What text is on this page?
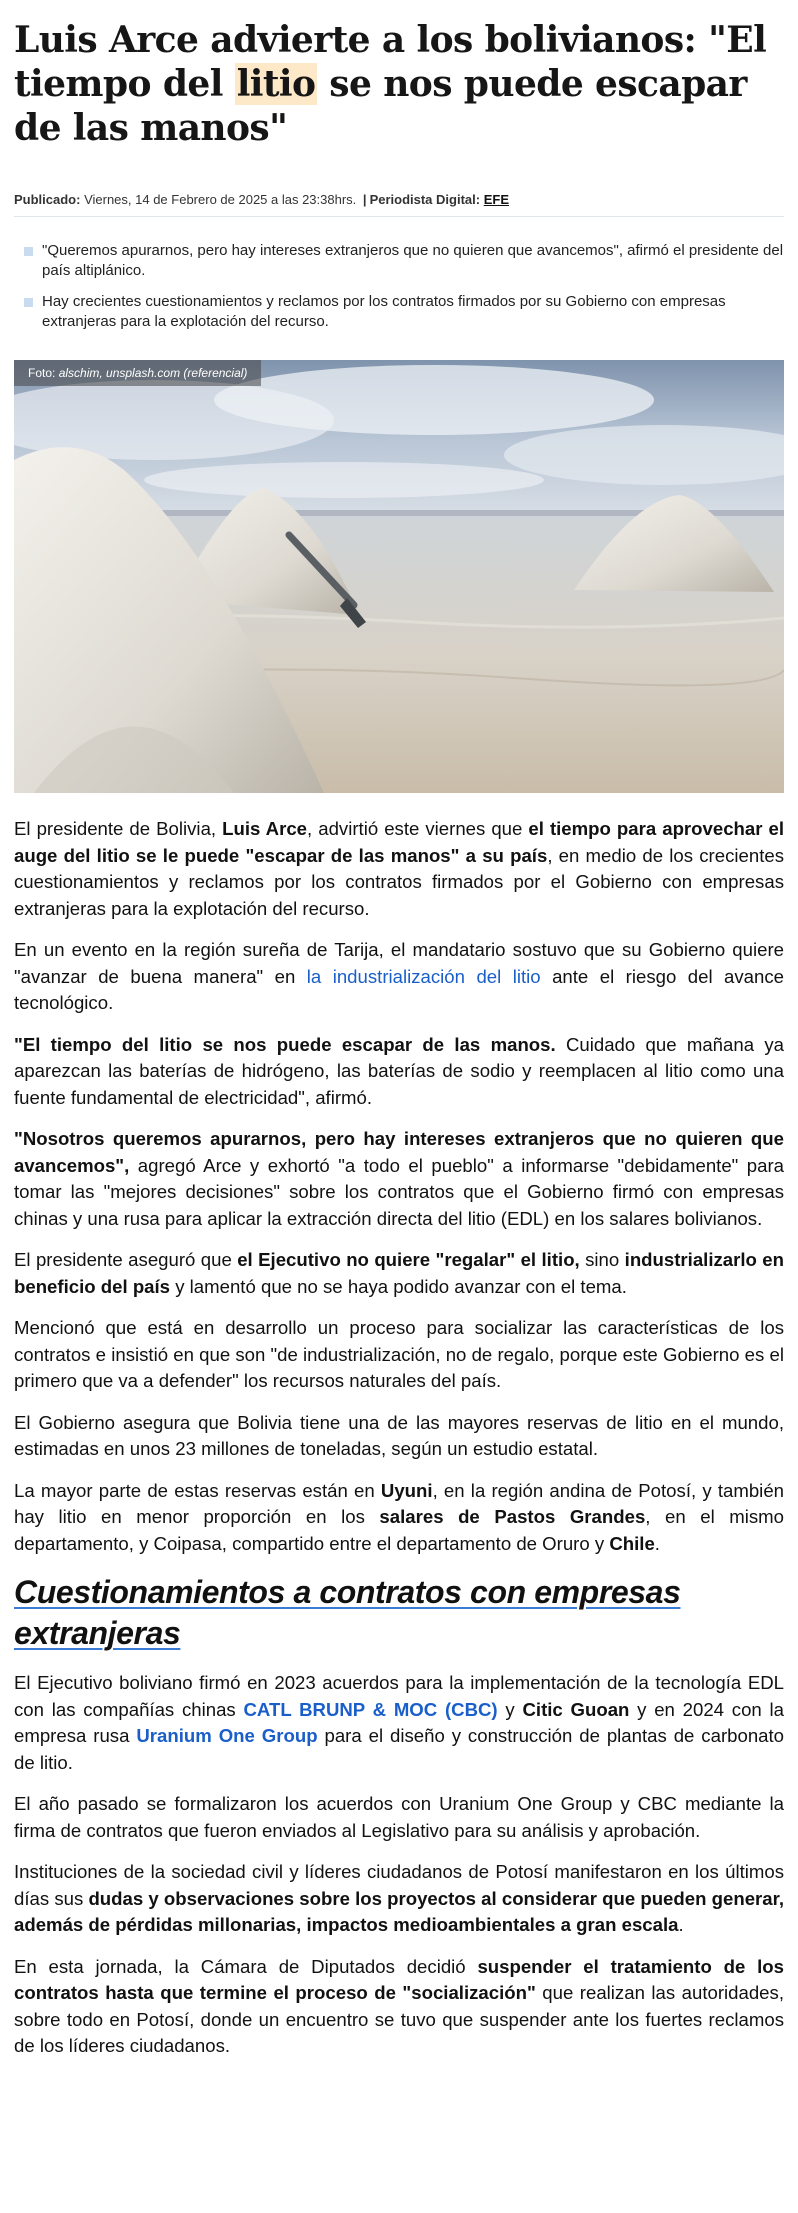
Luis Arce advierte a los bolivianos: "El tiempo del litio se nos puede escapar de las manos"
Publicado: Viernes, 14 de Febrero de 2025 a las 23:38hrs. | Periodista Digital: EFE
"Queremos apurarnos, pero hay intereses extranjeros que no quieren que avancemos", afirmó el presidente del país altiplánico.
Hay crecientes cuestionamientos y reclamos por los contratos firmados por su Gobierno con empresas extranjeras para la explotación del recurso.
Foto: alschim, unsplash.com (referencial)

El presidente de Bolivia, Luis Arce, advirtió este viernes que el tiempo para aprovechar el auge del litio se le puede "escapar de las manos" a su país, en medio de los crecientes cuestionamientos y reclamos por los contratos firmados por el Gobierno con empresas extranjeras para la explotación del recurso.

En un evento en la región sureña de Tarija, el mandatario sostuvo que su Gobierno quiere "avanzar de buena manera" en la industrialización del litio ante el riesgo del avance tecnológico.

"El tiempo del litio se nos puede escapar de las manos. Cuidado que mañana ya aparezcan las baterías de hidrógeno, las baterías de sodio y reemplacen al litio como una fuente fundamental de electricidad", afirmó.

"Nosotros queremos apurarnos, pero hay intereses extranjeros que no quieren que avancemos", agregó Arce y exhortó "a todo el pueblo" a informarse "debidamente" para tomar las "mejores decisiones" sobre los contratos que el Gobierno firmó con empresas chinas y una rusa para aplicar la extracción directa del litio (EDL) en los salares bolivianos.

El presidente aseguró que el Ejecutivo no quiere "regalar" el litio, sino industrializarlo en beneficio del país y lamentó que no se haya podido avanzar con el tema.

Mencionó que está en desarrollo un proceso para socializar las características de los contratos e insistió en que son "de industrialización, no de regalo, porque este Gobierno es el primero que va a defender" los recursos naturales del país.

El Gobierno asegura que Bolivia tiene una de las mayores reservas de litio en el mundo, estimadas en unos 23 millones de toneladas, según un estudio estatal.

La mayor parte de estas reservas están en Uyuni, en la región andina de Potosí, y también hay litio en menor proporción en los salares de Pastos Grandes, en el mismo departamento, y Coipasa, compartido entre el departamento de Oruro y Chile.

Cuestionamientos a contratos con empresas extranjeras

El Ejecutivo boliviano firmó en 2023 acuerdos para la implementación de la tecnología EDL con las compañías chinas CATL BRUNP & MOC (CBC) y Citic Guoan y en 2024 con la empresa rusa Uranium One Group para el diseño y construcción de plantas de carbonato de litio.

El año pasado se formalizaron los acuerdos con Uranium One Group y CBC mediante la firma de contratos que fueron enviados al Legislativo para su análisis y aprobación.

Instituciones de la sociedad civil y líderes ciudadanos de Potosí manifestaron en los últimos días sus dudas y observaciones sobre los proyectos al considerar que pueden generar, además de pérdidas millonarias, impactos medioambientales a gran escala.

En esta jornada, la Cámara de Diputados decidió suspender el tratamiento de los contratos hasta que termine el proceso de "socialización" que realizan las autoridades, sobre todo en Potosí, donde un encuentro se tuvo que suspender ante los fuertes reclamos de los líderes ciudadanos.
